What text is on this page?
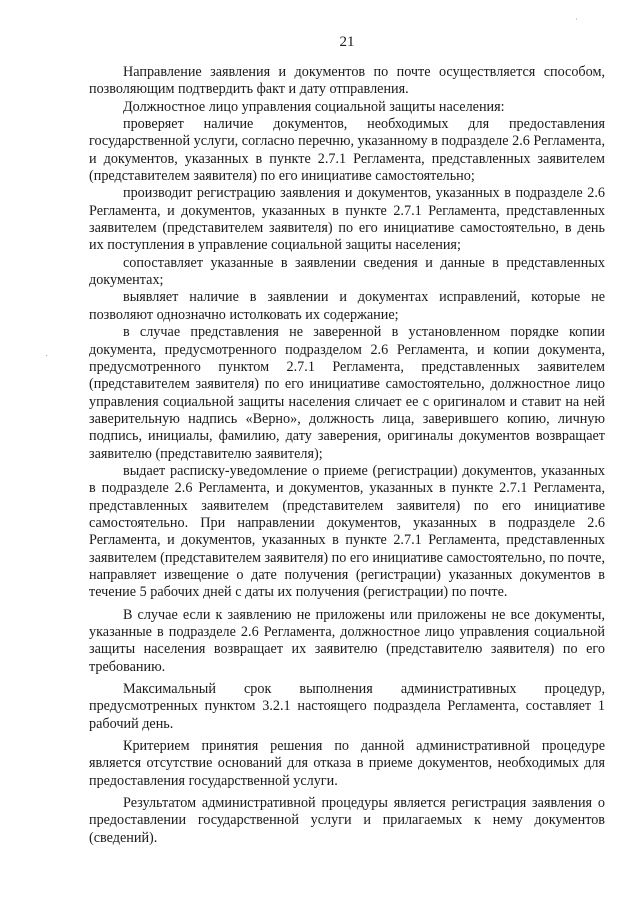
21

Направление заявления и документов по почте осуществляется способом, позволяющим подтвердить факт и дату отправления.

Должностное лицо управления социальной защиты населения:

проверяет наличие документов, необходимых для предоставления государственной услуги, согласно перечню, указанному в подразделе 2.6 Регламента, и документов, указанных в пункте 2.7.1 Регламента, представленных заявителем (представителем заявителя) по его инициативе самостоятельно;

производит регистрацию заявления и документов, указанных в подразделе 2.6 Регламента, и документов, указанных в пункте 2.7.1 Регламента, представленных заявителем (представителем заявителя) по его инициативе самостоятельно, в день их поступления в управление социальной защиты населения;

сопоставляет указанные в заявлении сведения и данные в представленных документах;

выявляет наличие в заявлении и документах исправлений, которые не позволяют однозначно истолковать их содержание;

в случае представления не заверенной в установленном порядке копии документа, предусмотренного подразделом 2.6 Регламента, и копии документа, предусмотренного пунктом 2.7.1 Регламента, представленных заявителем (представителем заявителя) по его инициативе самостоятельно, должностное лицо управления социальной защиты населения сличает ее с оригиналом и ставит на ней заверительную надпись «Верно», должность лица, заверившего копию, личную подпись, инициалы, фамилию, дату заверения, оригиналы документов возвращает заявителю (представителю заявителя);

выдает расписку-уведомление о приеме (регистрации) документов, указанных в подразделе 2.6 Регламента, и документов, указанных в пункте 2.7.1 Регламента, представленных заявителем (представителем заявителя) по его инициативе самостоятельно. При направлении документов, указанных в подразделе 2.6 Регламента, и документов, указанных в пункте 2.7.1 Регламента, представленных заявителем (представителем заявителя) по его инициативе самостоятельно, по почте, направляет извещение о дате получения (регистрации) указанных документов в течение 5 рабочих дней с даты их получения (регистрации) по почте.

В случае если к заявлению не приложены или приложены не все документы, указанные в подразделе 2.6 Регламента, должностное лицо управления социальной защиты населения возвращает их заявителю (представителю заявителя) по его требованию.

Максимальный срок выполнения административных процедур, предусмотренных пунктом 3.2.1 настоящего подраздела Регламента, составляет 1 рабочий день.

Критерием принятия решения по данной административной процедуре является отсутствие оснований для отказа в приеме документов, необходимых для предоставления государственной услуги.

Результатом административной процедуры является регистрация заявления о предоставлении государственной услуги и прилагаемых к нему документов (сведений).

ˈ
·
